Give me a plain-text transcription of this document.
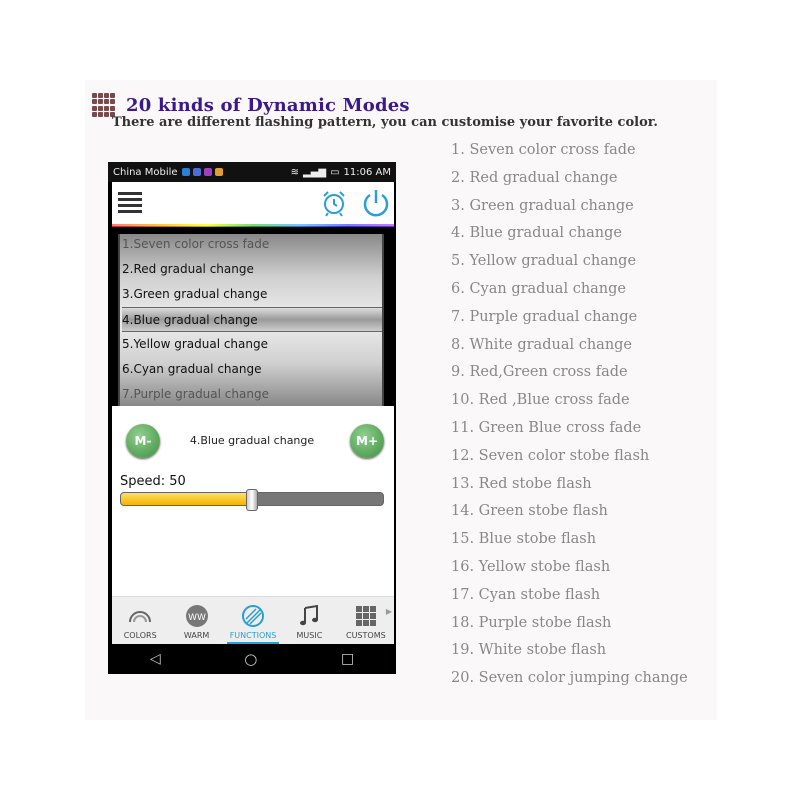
20 kinds of Dynamic Modes
There are different flashing pattern, you can customise your favorite color.
1. Seven color cross fade
2. Red gradual change
3. Green gradual change
4. Blue gradual change
5. Yellow gradual change
6. Cyan gradual change
7. Purple gradual change
8. White gradual change
9. Red,Green cross fade
10. Red ,Blue cross fade
11. Green Blue cross fade
12. Seven color stobe flash
13. Red stobe flash
14. Green stobe flash
15. Blue stobe flash
16. Yellow stobe flash
17. Cyan stobe flash
18. Purple stobe flash
19. White stobe flash
20. Seven color jumping change
China Mobile	≋ ▂▄▆ ▭ 11:06 AM
1.Seven color cross fade
2.Red gradual change
3.Green gradual change
4.Blue gradual change
5.Yellow gradual change
6.Cyan gradual change
7.Purple gradual change
M-	4.Blue gradual change	M+
Speed: 50
COLORS
WW
WARM	FUNCTIONS	MUSIC	CUSTOMS
▶
◁	○	□
